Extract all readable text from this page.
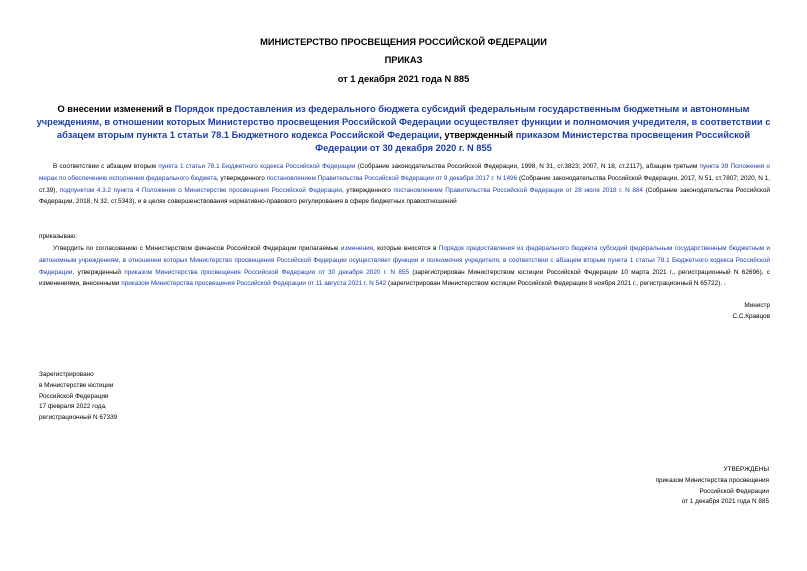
МИНИСТЕРСТВО ПРОСВЕЩЕНИЯ РОССИЙСКОЙ ФЕДЕРАЦИИ
ПРИКАЗ
от 1 декабря 2021 года N 885
О внесении изменений в Порядок предоставления из федерального бюджета субсидий федеральным государственным бюджетным и автономным учреждениям, в отношении которых Министерство просвещения Российской Федерации осуществляет функции и полномочия учредителя, в соответствии с абзацем вторым пункта 1 статьи 78.1 Бюджетного кодекса Российской Федерации, утвержденный приказом Министерства просвещения Российской Федерации от 30 декабря 2020 г. N 855
В соответствии с абзацем вторым пункта 1 статьи 78.1 Бюджетного кодекса Российской Федерации (Собрание законодательства Российской Федерации, 1998, N 31, ст.3823; 2007, N 18, ст.2117), абзацем третьим пункта 39 Положения о мерах по обеспечению исполнения федерального бюджета, утвержденного постановлением Правительства Российской Федерации от 9 декабря 2017 г. N 1496 (Собрание законодательства Российской Федерации, 2017, N 51, ст.7807; 2020, N 1, ст.39), подпунктом 4.3.2 пункта 4 Положения о Министерстве просвещения Российской Федерации, утвержденного постановлением Правительства Российской Федерации от 28 июля 2018 г. N 884 (Собрание законодательства Российской Федерации, 2018, N 32, ст.5343), и в целях совершенствования нормативно-правового регулирования в сфере бюджетных правоотношений
приказываю:
Утвердить по согласованию с Министерством финансов Российской Федерации прилагаемые изменения, которые вносятся в Порядок предоставления из федерального бюджета субсидий федеральным государственным бюджетным и автономным учреждениям, в отношении которых Министерство просвещения Российской Федерации осуществляет функции и полномочия учредителя, в соответствии с абзацем вторым пункта 1 статьи 78.1 Бюджетного кодекса Российской Федерации, утвержденный приказом Министерства просвещения Российской Федерации от 30 декабря 2020 г. N 855 (зарегистрирован Министерством юстиции Российской Федерации 10 марта 2021 г., регистрационный N 62696), с изменениями, внесенными приказом Министерства просвещения Российской Федерации от 11 августа 2021 г. N 542 (зарегистрирован Министерством юстиции Российской Федерации 8 ноября 2021 г., регистрационный N 65722). .
Министр
С.С.Кравцов
Зарегистрировано
в Министерстве юстиции
Российской Федерации
17 февраля 2022 года,
регистрационный N 67339
УТВЕРЖДЕНЫ
приказом Министерства просвещения
Российской Федерации
от 1 декабря 2021 года N 885
